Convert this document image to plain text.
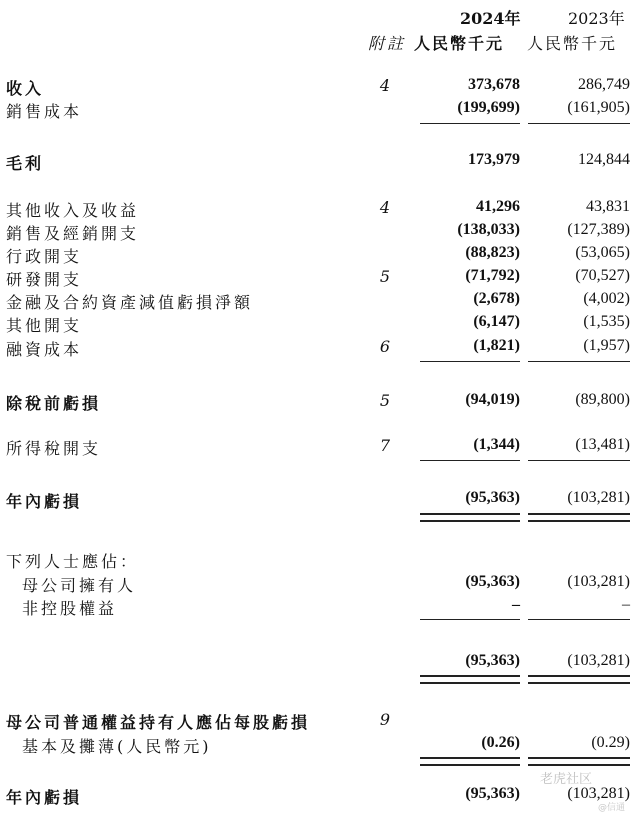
2024年	2023年
附註 人民幣千元 人民幣千元
收入	4	373,678	286,749
銷售成本	(199,699)	(161,905)
毛利	173,979	124,844
其他收入及收益	4	41,296	43,831
銷售及經銷開支	(138,033)	(127,389)
行政開支	(88,823)	(53,065)
研發開支	5	(71,792)	(70,527)
金融及合約資產減值虧損淨額	(2,678)	(4,002)
其他開支	(6,147)	(1,535)
融資成本	6	(1,821)	(1,957)
除稅前虧損	5	(94,019)	(89,800)
所得稅開支	7	(1,344)	(13,481)
年內虧損	(95,363)	(103,281)
下列人士應佔：
母公司擁有人	(95,363)	(103,281)
非控股權益	–	–
(95,363)	(103,281)
母公司普通權益持有人應佔每股虧損	9
基本及攤薄(人民幣元)	(0.26)	(0.29)
年內虧損	(95,363)	(103,281)
老虎社区
@信通
